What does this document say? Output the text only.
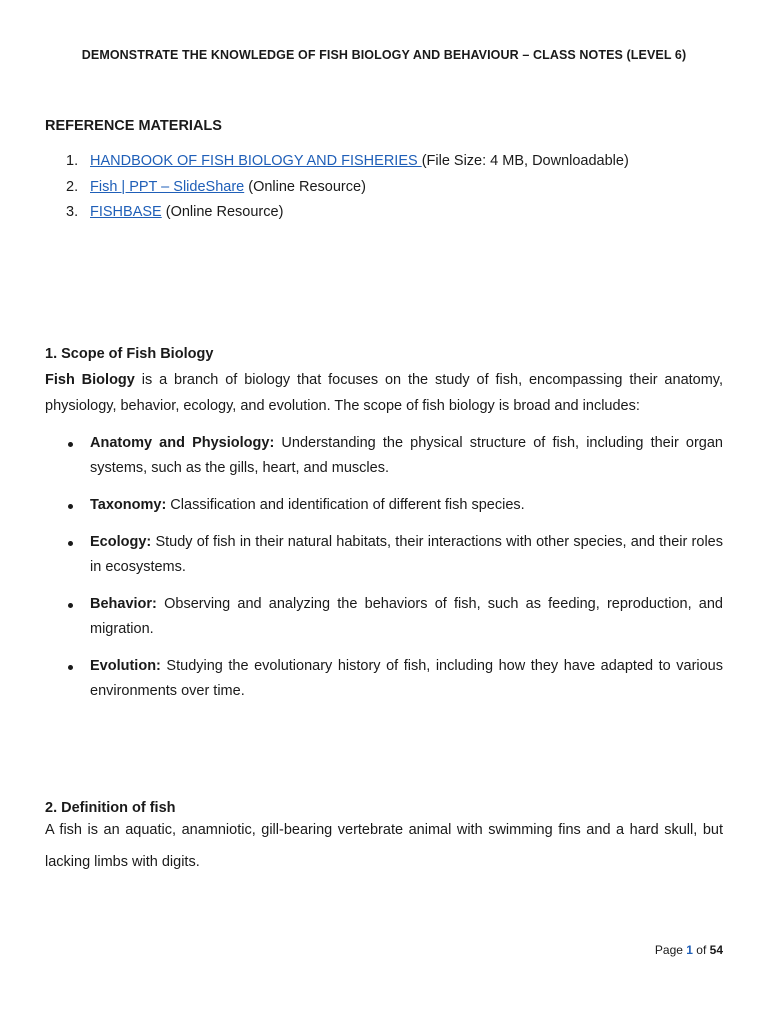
DEMONSTRATE THE KNOWLEDGE OF FISH BIOLOGY AND BEHAVIOUR – CLASS NOTES (LEVEL 6)
REFERENCE MATERIALS
1. HANDBOOK OF FISH BIOLOGY AND FISHERIES (File Size: 4 MB, Downloadable)
2. Fish | PPT – SlideShare (Online Resource)
3. FISHBASE (Online Resource)
1. Scope of Fish Biology
Fish Biology is a branch of biology that focuses on the study of fish, encompassing their anatomy, physiology, behavior, ecology, and evolution. The scope of fish biology is broad and includes:
Anatomy and Physiology: Understanding the physical structure of fish, including their organ systems, such as the gills, heart, and muscles.
Taxonomy: Classification and identification of different fish species.
Ecology: Study of fish in their natural habitats, their interactions with other species, and their roles in ecosystems.
Behavior: Observing and analyzing the behaviors of fish, such as feeding, reproduction, and migration.
Evolution: Studying the evolutionary history of fish, including how they have adapted to various environments over time.
2. Definition of fish
A fish is an aquatic, anamniotic, gill-bearing vertebrate animal with swimming fins and a hard skull, but lacking limbs with digits.
Page 1 of 54
